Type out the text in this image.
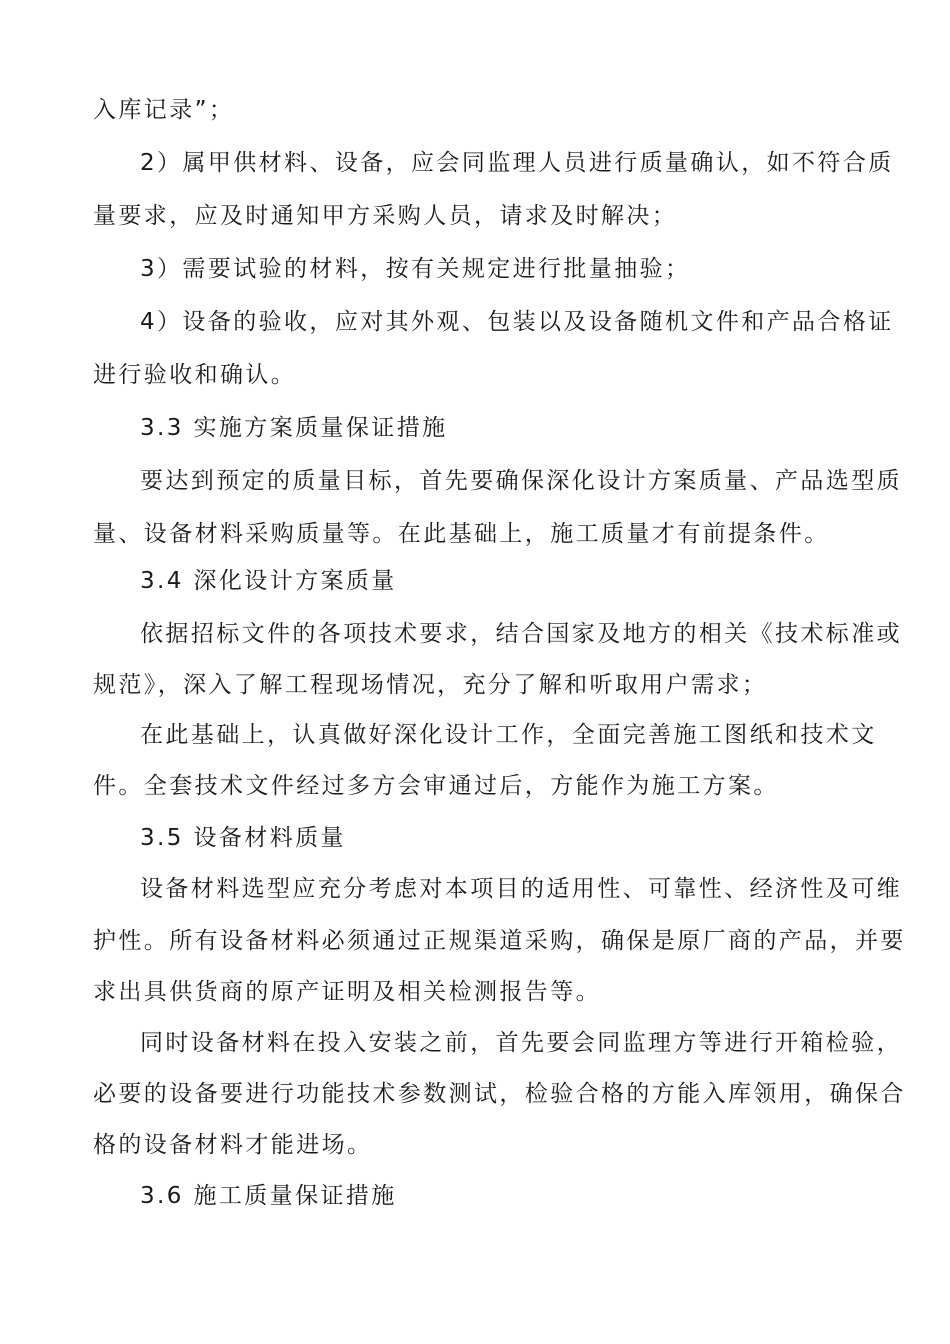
入库记录”；
2）属甲供材料、设备，应会同监理人员进行质量确认，如不符合质
量要求，应及时通知甲方采购人员，请求及时解决；
3）需要试验的材料，按有关规定进行批量抽验；
4）设备的验收，应对其外观、包装以及设备随机文件和产品合格证
进行验收和确认。
3.3 实施方案质量保证措施
要达到预定的质量目标，首先要确保深化设计方案质量、产品选型质
量、设备材料采购质量等。在此基础上，施工质量才有前提条件。
3.4 深化设计方案质量
依据招标文件的各项技术要求，结合国家及地方的相关《技术标准或
规范》，深入了解工程现场情况，充分了解和听取用户需求；
在此基础上，认真做好深化设计工作，全面完善施工图纸和技术文
件。全套技术文件经过多方会审通过后，方能作为施工方案。
3.5 设备材料质量
设备材料选型应充分考虑对本项目的适用性、可靠性、经济性及可维
护性。所有设备材料必须通过正规渠道采购，确保是原厂商的产品，并要
求出具供货商的原产证明及相关检测报告等。
同时设备材料在投入安装之前，首先要会同监理方等进行开箱检验，
必要的设备要进行功能技术参数测试，检验合格的方能入库领用，确保合
格的设备材料才能进场。
3.6 施工质量保证措施
